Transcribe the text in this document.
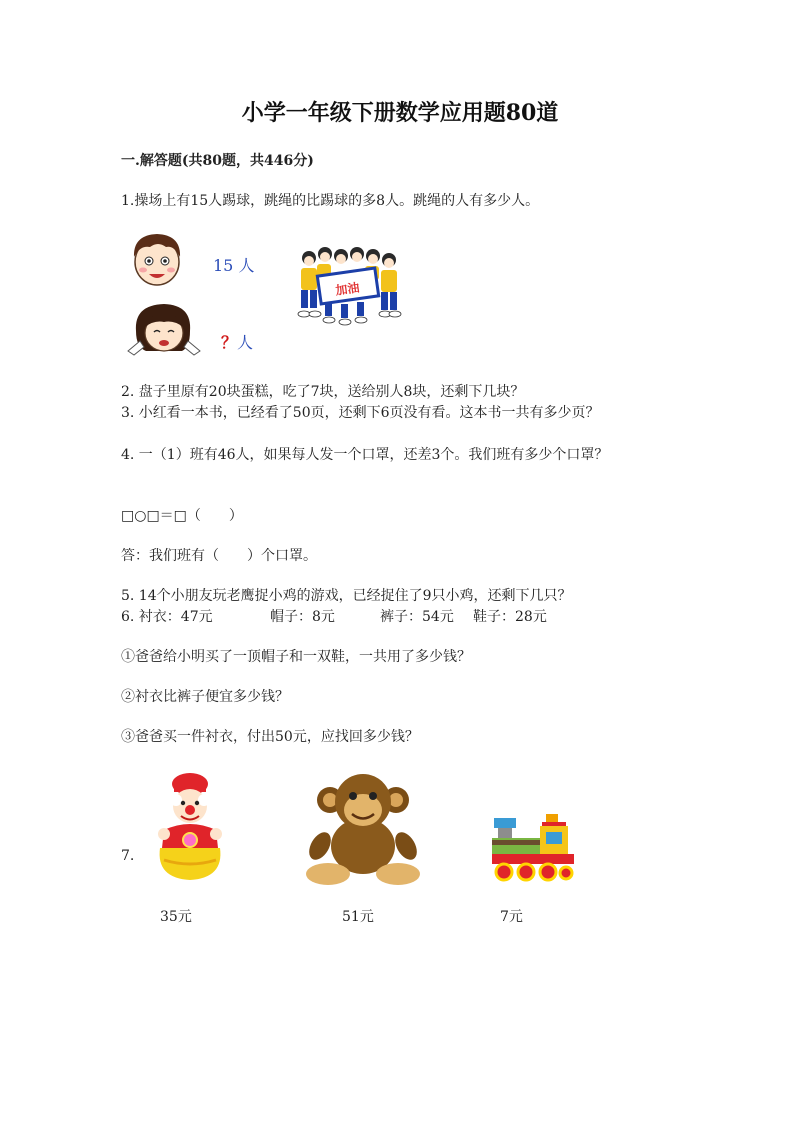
小学一年级下册数学应用题80道
一.解答题(共80题，共446分)
1.操场上有15人踢球，跳绳的比踢球的多8人。跳绳的人有多少人。
15 人
？人
加油
2. 盘子里原有20块蛋糕，吃了7块，送给别人8块，还剩下几块？
3. 小红看一本书，已经看了50页，还剩下6页没有看。这本书一共有多少页？
4. 一（1）班有46人，如果每人发一个口罩，还差3个。我们班有多少个口罩？
□○□＝□（　　）
答：我们班有（　　）个口罩。
5. 14个小朋友玩老鹰捉小鸡的游戏，已经捉住了9只小鸡，还剩下几只？
6. 衬衣：47元	帽子：8元	裤子：54元 鞋子：28元
①爸爸给小明买了一顶帽子和一双鞋，一共用了多少钱？
②衬衣比裤子便宜多少钱？
③爸爸买一件衬衣，付出50元，应找回多少钱？
7.
35元	51元	7元
